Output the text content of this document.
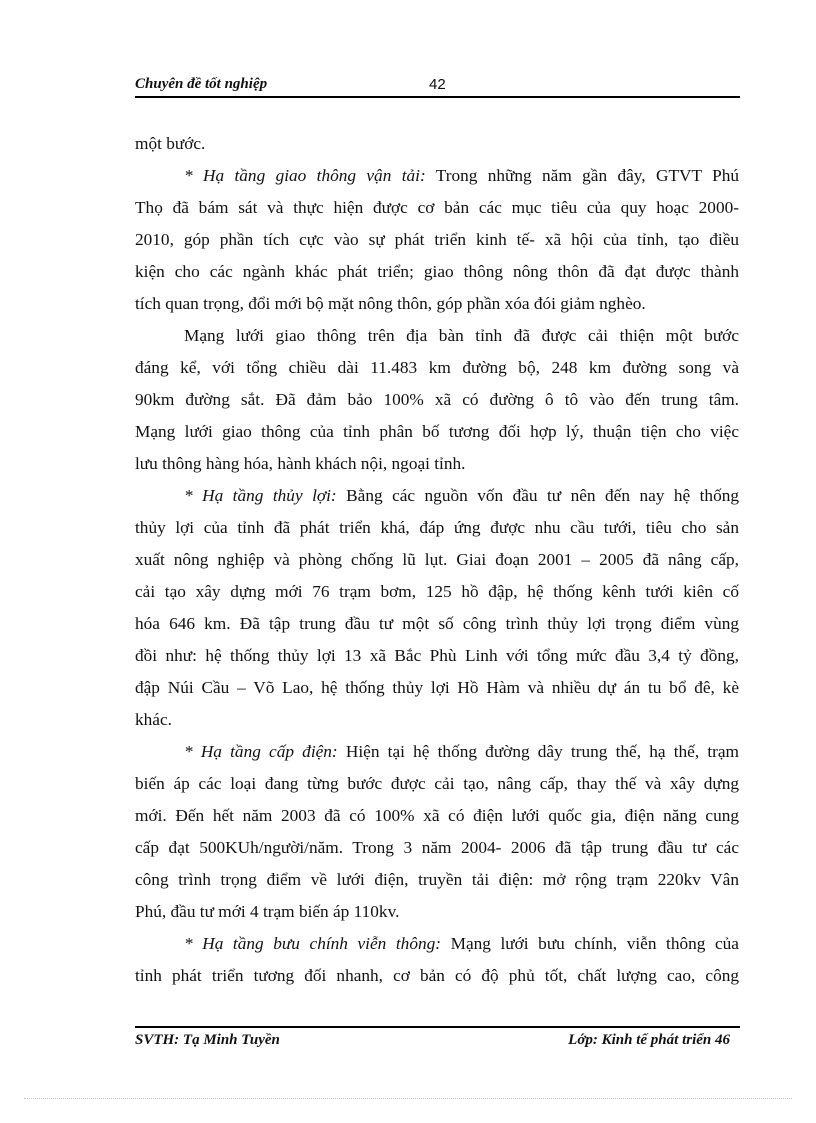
Chuyên đề tốt nghiệp	42
một bước.
* Hạ tầng giao thông vận tải: Trong những năm gần đây, GTVT Phú
Thọ đã bám sát và thực hiện được cơ bản các mục tiêu của quy hoạc 2000-
2010, góp phần tích cực vào sự phát triển kinh tế- xã hội của tỉnh, tạo điều
kiện cho các ngành khác phát triển; giao thông nông thôn đã đạt được thành
tích quan trọng, đổi mới bộ mặt nông thôn, góp phần xóa đói giảm nghèo.
Mạng lưới giao thông trên địa bàn tỉnh đã được cải thiện một bước
đáng kể, với tổng chiều dài 11.483 km đường bộ, 248 km đường song và
90km đường sắt. Đã đảm bảo 100% xã có đường ô tô vào đến trung tâm.
Mạng lưới giao thông của tỉnh phân bố tương đối hợp lý, thuận tiện cho việc
lưu thông hàng hóa, hành khách nội, ngoại tỉnh.
* Hạ tầng thủy lợi: Bằng các nguồn vốn đầu tư nên đến nay hệ thống
thủy lợi của tỉnh đã phát triển khá, đáp ứng được nhu cầu tưới, tiêu cho sản
xuất nông nghiệp và phòng chống lũ lụt. Giai đoạn 2001 – 2005 đã nâng cấp,
cải tạo xây dựng mới 76 trạm bơm, 125 hồ đập, hệ thống kênh tưới kiên cố
hóa 646 km. Đã tập trung đầu tư một số công trình thủy lợi trọng điểm vùng
đồi như: hệ thống thủy lợi 13 xã Bắc Phù Linh với tổng mức đầu 3,4 tỷ đồng,
đập Núi Cầu – Võ Lao, hệ thống thủy lợi Hồ Hàm và nhiều dự án tu bổ đê, kè
khác.
* Hạ tầng cấp điện: Hiện tại hệ thống đường dây trung thế, hạ thế, trạm
biến áp các loại đang từng bước được cải tạo, nâng cấp, thay thế và xây dựng
mới. Đến hết năm 2003 đã có 100% xã có điện lưới quốc gia, điện năng cung
cấp đạt 500KUh/người/năm. Trong 3 năm 2004- 2006 đã tập trung đầu tư các
công trình trọng điểm về lưới điện, truyền tải điện: mở rộng trạm 220kv Vân
Phú, đầu tư mới 4 trạm biến áp 110kv.
* Hạ tầng bưu chính viễn thông: Mạng lưới bưu chính, viễn thông của
tỉnh phát triển tương đối nhanh, cơ bản có độ phủ tốt, chất lượng cao, công
SVTH: Tạ Minh Tuyền	Lớp: Kinh tế phát triển 46
